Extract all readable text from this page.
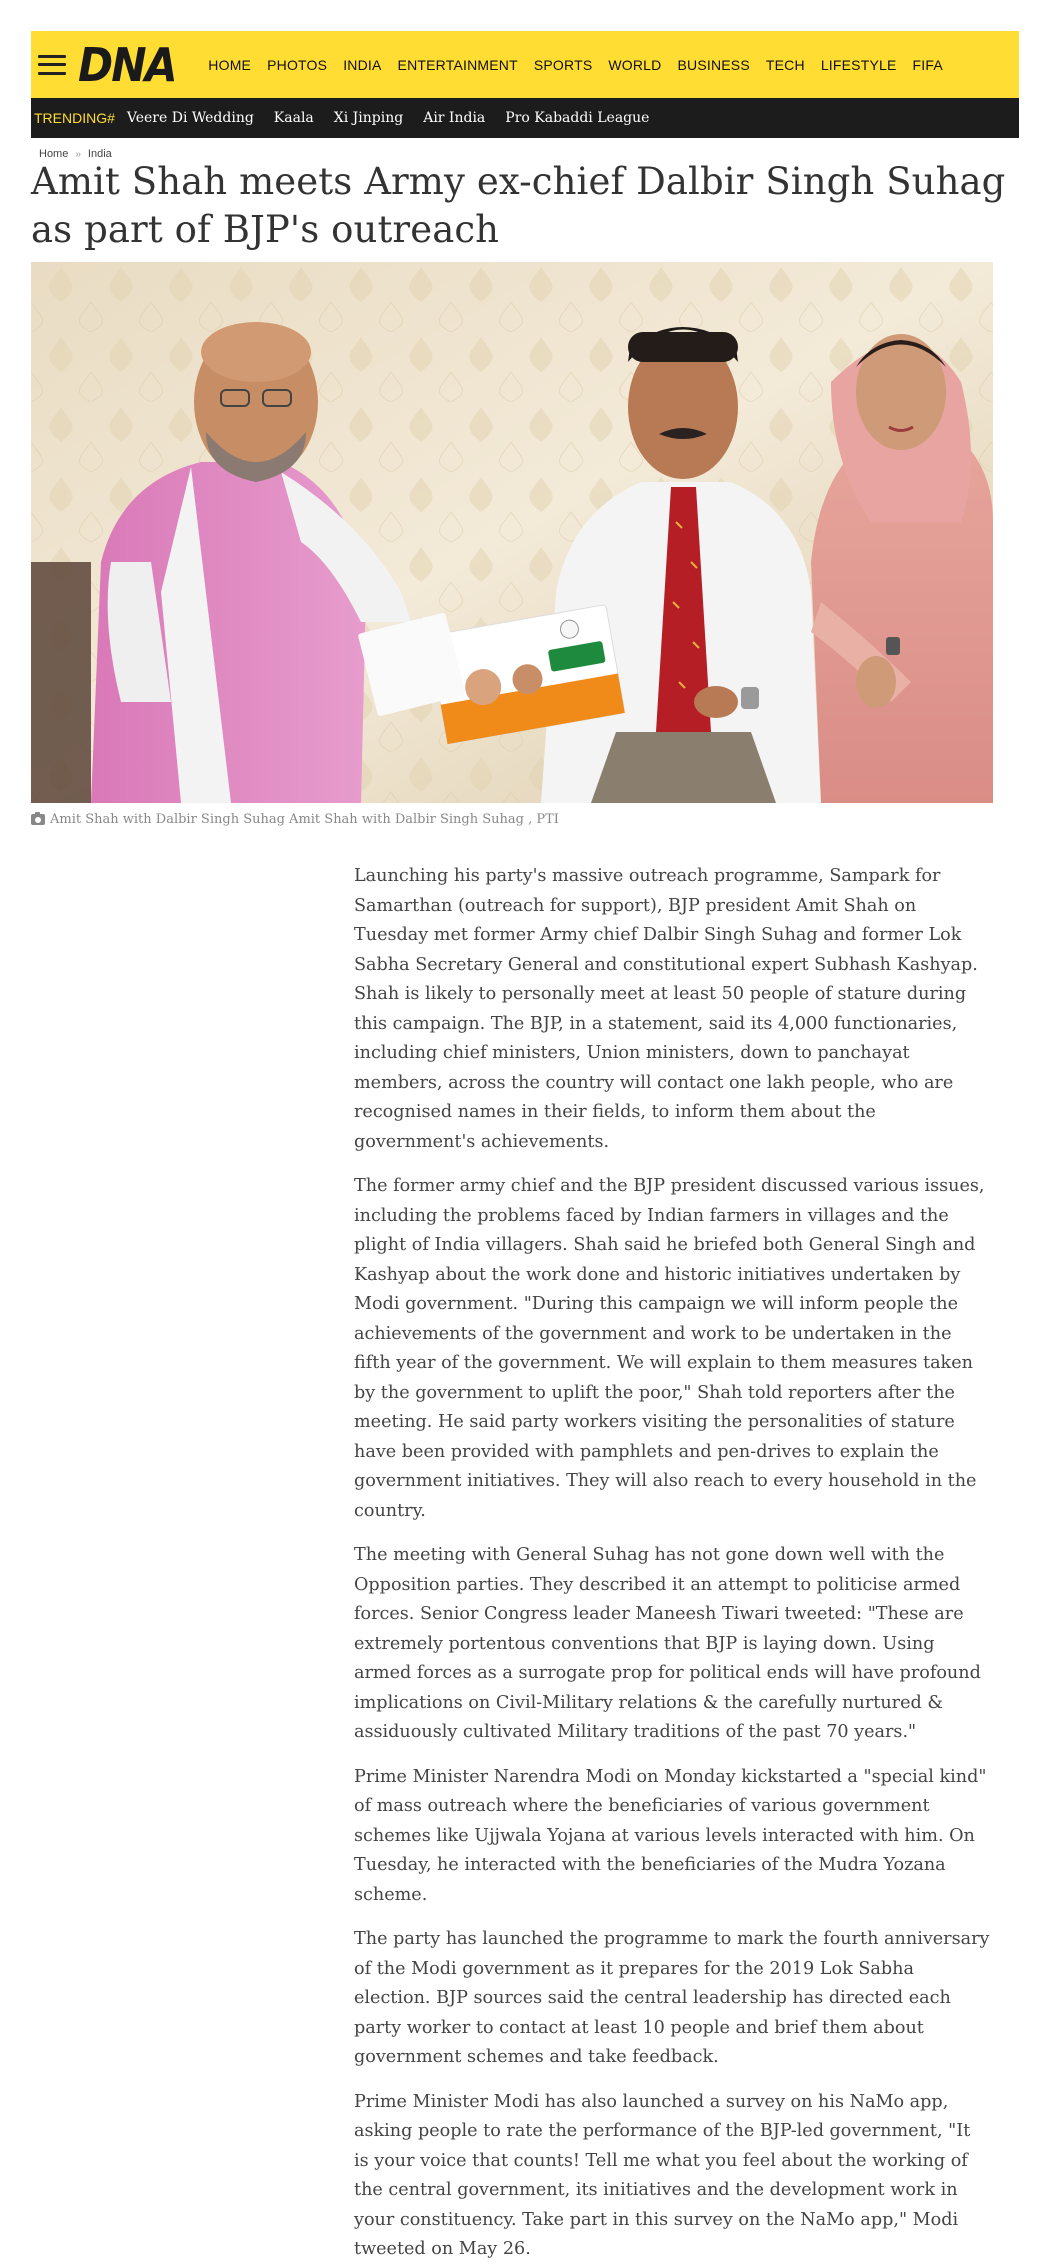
DNA	HOME	PHOTOS	INDIA	ENTERTAINMENT	SPORTS	WORLD	BUSINESS	TECH	LIFESTYLE	FIFA
TRENDING# Veere Di Wedding Kaala Xi Jinping Air India Pro Kabaddi League
Home » India
Amit Shah meets Army ex-chief Dalbir Singh Suhag as part of BJP's outreach
Amit Shah with Dalbir Singh Suhag Amit Shah with Dalbir Singh Suhag , PTI

Launching his party's massive outreach programme, Sampark for Samarthan (outreach for support), BJP president Amit Shah on Tuesday met former Army chief Dalbir Singh Suhag and former Lok Sabha Secretary General and constitutional expert Subhash Kashyap. Shah is likely to personally meet at least 50 people of stature during this campaign. The BJP, in a statement, said its 4,000 functionaries, including chief ministers, Union ministers, down to panchayat members, across the country will contact one lakh people, who are recognised names in their fields, to inform them about the government's achievements.

The former army chief and the BJP president discussed various issues, including the problems faced by Indian farmers in villages and the plight of India villagers. Shah said he briefed both General Singh and Kashyap about the work done and historic initiatives undertaken by Modi government. "During this campaign we will inform people the achievements of the government and work to be undertaken in the fifth year of the government. We will explain to them measures taken by the government to uplift the poor," Shah told reporters after the meeting. He said party workers visiting the personalities of stature have been provided with pamphlets and pen-drives to explain the government initiatives. They will also reach to every household in the country.

The meeting with General Suhag has not gone down well with the Opposition parties. They described it an attempt to politicise armed forces. Senior Congress leader Maneesh Tiwari tweeted: "These are extremely portentous conventions that BJP is laying down. Using armed forces as a surrogate prop for political ends will have profound implications on Civil-Military relations & the carefully nurtured & assiduously cultivated Military traditions of the past 70 years."

Prime Minister Narendra Modi on Monday kickstarted a "special kind" of mass outreach where the beneficiaries of various government schemes like Ujjwala Yojana at various levels interacted with him. On Tuesday, he interacted with the beneficiaries of the Mudra Yozana scheme.

The party has launched the programme to mark the fourth anniversary of the Modi government as it prepares for the 2019 Lok Sabha election. BJP sources said the central leadership has directed each party worker to contact at least 10 people and brief them about government schemes and take feedback.

Prime Minister Modi has also launched a survey on his NaMo app, asking people to rate the performance of the BJP-led government, "It is your voice that counts! Tell me what you feel about the working of the central government, its initiatives and the development work in your constituency. Take part in this survey on the NaMo app," Modi tweeted on May 26.
